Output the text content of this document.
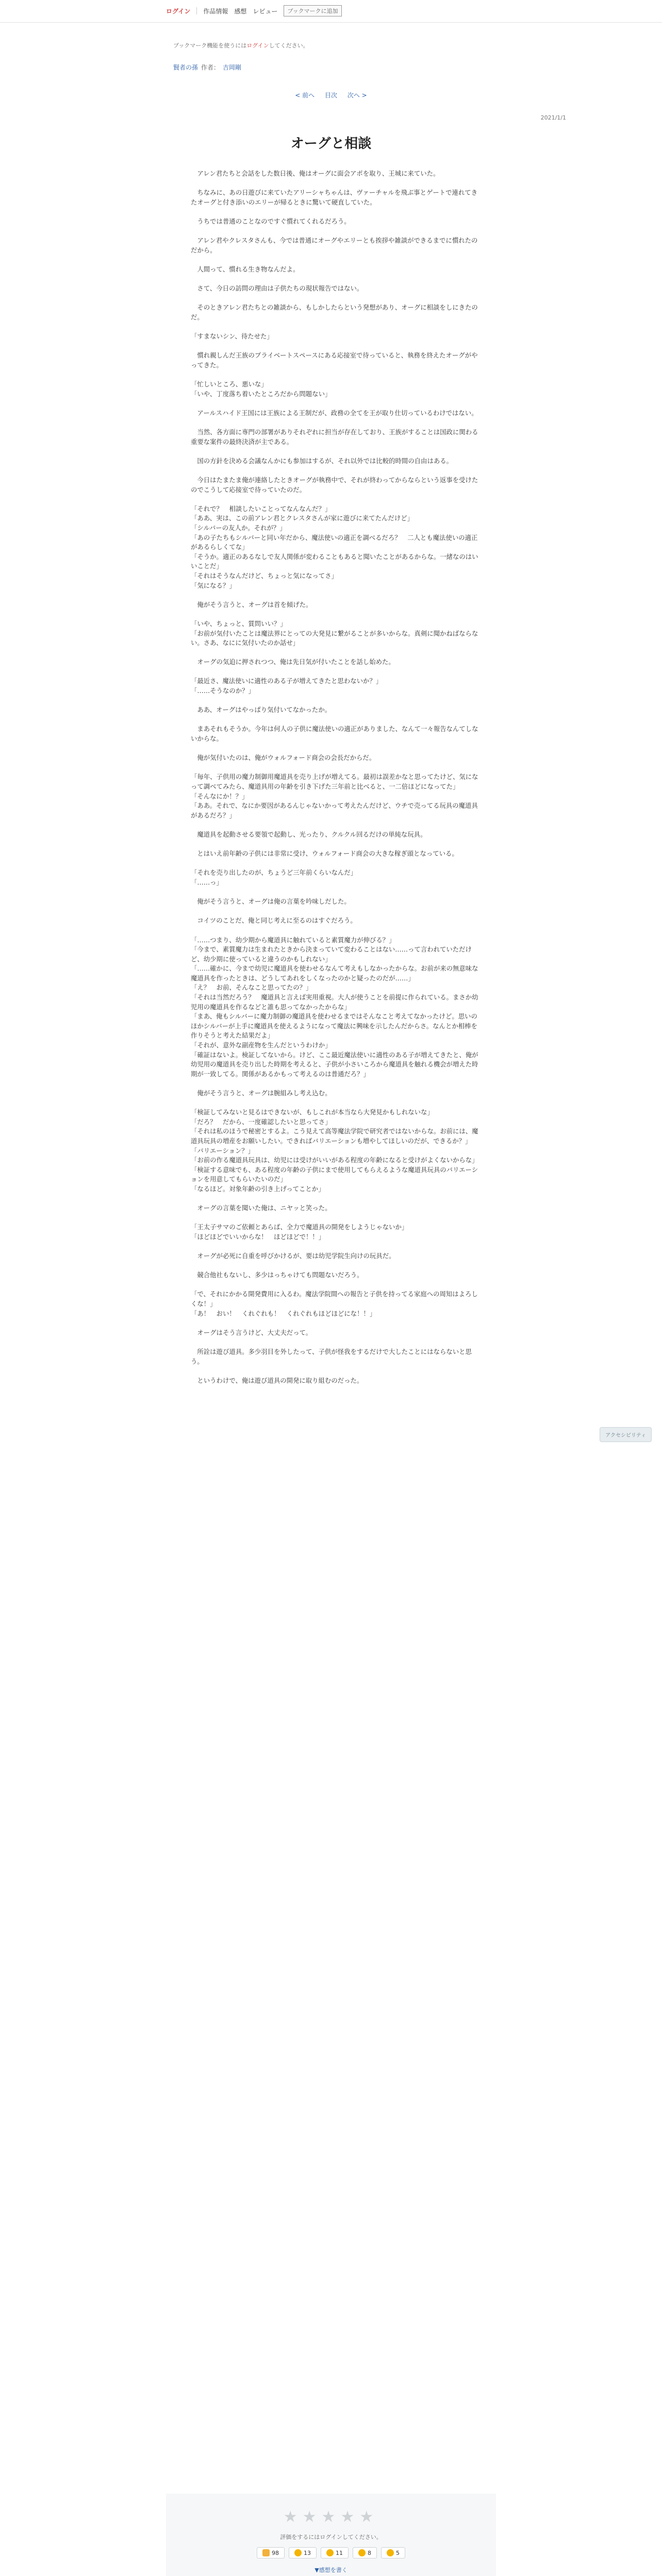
ログイン 作品情報 感想 レビュー	ブックマークに追加
ブックマーク機能を使うにはログインしてください。
賢者の孫 作者： 吉岡剛
< 前へ 目次 次へ >
2021/1/1
オーグと相談
　アレン君たちと会話をした数日後、俺はオーグに面会アポを取り、王城に来ていた。

　ちなみに、あの日遊びに来ていたアリーシャちゃんは、ヴァーチャルを飛ぶ事とゲートで連れてきたオーグと付き添いのエリーが帰るときに驚いて硬直していた。

　うちでは普通のことなのですぐ慣れてくれるだろう。

　アレン君やクレスタさんも、今では普通にオーグやエリーとも挨拶や雑談ができるまでに慣れたのだから。

　人間って、慣れる生き物なんだよ。

　さて、今日の訪問の理由は子供たちの現状報告ではない。

　そのときアレン君たちとの雑談から、もしかしたらという発想があり、オーグに相談をしにきたのだ。

「すまないシン、待たせた」

　慣れ親しんだ王族のプライベートスペースにある応接室で待っていると、執務を終えたオーグがやってきた。

「忙しいところ、悪いな」
「いや、丁度落ち着いたところだから問題ない」

　アールスハイド王国には王族による王制だが、政務の全てを王が取り仕切っているわけではない。

　当然、各方面に専門の部署がありそれぞれに担当が存在しており、王族がすることは国政に関わる重要な案件の最終決済が主である。

　国の方針を決める会議なんかにも参加はするが、それ以外では比較的時間の自由はある。

　今日はたまたま俺が連絡したときオーグが執務中で、それが終わってからならという返事を受けたのでこうして応接室で待っていたのだ。

「それで？　相談したいことってなんなんだ？」
「ああ、実は、この前アレン君とクレスタさんが家に遊びに来てたんだけど」
「シルバーの友人か。それが？」
「あの子たちもシルバーと同い年だから、魔法使いの適正を調べるだろ？　二人とも魔法使いの適正があるらしくてな」
「そうか。適正のあるなしで友人関係が変わることもあると聞いたことがあるからな。一緒なのはいいことだ」
「それはそうなんだけど、ちょっと気になってさ」
「気になる？」

　俺がそう言うと、オーグは首を傾げた。

「いや、ちょっと、質問いい？」
「お前が気付いたことは魔法界にとっての大発見に繋がることが多いからな。真剣に聞かねばならない。さあ、なにに気付いたのか話せ」

　オーグの気迫に押されつつ、俺は先日気が付いたことを話し始めた。

「最近さ、魔法使いに適性のある子が増えてきたと思わないか？」
「……そうなのか？」

　ああ、オーグはやっぱり気付いてなかったか。

　まあそれもそうか。今年は何人の子供に魔法使いの適正がありました、なんて一々報告なんてしないからな。

　俺が気付いたのは、俺がウォルフォード商会の会長だからだ。

「毎年、子供用の魔力制御用魔道具を売り上げが増えてる。最初は誤差かなと思ってたけど、気になって調べてみたら、魔道具用の年齢を引き下げた三年前と比べると、一二倍ほどになってた」
「そんなにか！？」
「ああ。それで、なにか要因があるんじゃないかって考えたんだけど、ウチで売ってる玩具の魔道具があるだろ？」

　魔道具を起動させる要領で起動し、光ったり、クルクル回るだけの単純な玩具。

　とはいえ前年齢の子供には非常に受け、ウォルフォード商会の大きな稼ぎ頭となっている。

「それを売り出したのが、ちょうど三年前くらいなんだ」
「……っ」

　俺がそう言うと、オーグは俺の言葉を吟味しだした。

　コイツのことだ、俺と同じ考えに至るのはすぐだろう。

「……つまり、幼少期から魔道具に触れていると素質魔力が伸びる？」
「今まで、素質魔力は生まれたときから決まっていて変わることはない……って言われていただけど、幼少期に使っていると違うのかもしれない」
「……確かに、今まで幼児に魔道具を使わせるなんて考えもしなかったからな。お前が来の無意味な魔道具を作ったときは、どうしてあれをしくなったのかと疑ったのだが……」
「え？　お前、そんなこと思ってたの？」
「それは当然だろう？　魔道具と言えば実用重視。大人が使うことを前提に作られている。まさか幼児用の魔道具を作るなどと誰も思ってなかったからな」
「まあ、俺もシルバーに魔力制御の魔道具を使わせるまではそんなこと考えてなかったけど。思いのほかシルバーが上手に魔道具を使えるようになって魔法に興味を示したんだからさ。なんとか相棒を作りそうと考えた結果だよ」
「それが、意外な副産物を生んだというわけか」
「確証はないよ。検証してないから。けど、ここ最近魔法使いに適性のある子が増えてきたと、俺が幼児用の魔道具を売り出した時期を考えると、子供が小さいころから魔道具を触れる機会が増えた時期が一致してる。関係があるかもって考えるのは普通だろ？」

　俺がそう言うと、オーグは腕組みし考え込む。

「検証してみないと見るはできないが、もしこれが本当なら大発見かもしれないな」
「だろ？　だから、一度確認したいと思ってさ」
「それは私のほうで秘密とするよ。こう見えて高等魔法学院で研究者ではないからな。お前には、魔道具玩具の増産をお願いしたい。できればバリエーションも増やしてほしいのだが、できるか？」
「バリエーション？」
「お前の作る魔道具玩具は、幼児には受けがいいがある程度の年齢になると受けがよくないからな」
「検証する意味でも、ある程度の年齢の子供にまで使用してもらえるような魔道具玩具のバリエーションを用意してもらいたいのだ」
「なるほど。対象年齢の引き上げってことか」

　オーグの言葉を聞いた俺は、ニヤッと笑った。

「王太子サマのご依頼とあらば、全力で魔道具の開発をしようじゃないか」
「ほどほどでいいからな！　ほどほどで！！」

　オーグが必死に自重を呼びかけるが、要は幼児学院生向けの玩具だ。

　競合他社もないし、多少はっちゃけても問題ないだろう。

「で、それにかかる開発費用に入るわ。魔法学院間への報告と子供を持ってる家庭への周知はよろしくな！」
「あ！　おい！　くれぐれも！　くれぐれもほどほどにな！！」

　オーグはそう言うけど、大丈夫だって。

　所詮は遊び道具。多少羽目を外したって、子供が怪我をするだけで大したことにはならないと思う。

　というわけで、俺は遊び道具の開発に取り組むのだった。
アクセシビリティ
★★★★★
評価をするにはログインしてください。
98	13	11	8	5
▼感想を書く
